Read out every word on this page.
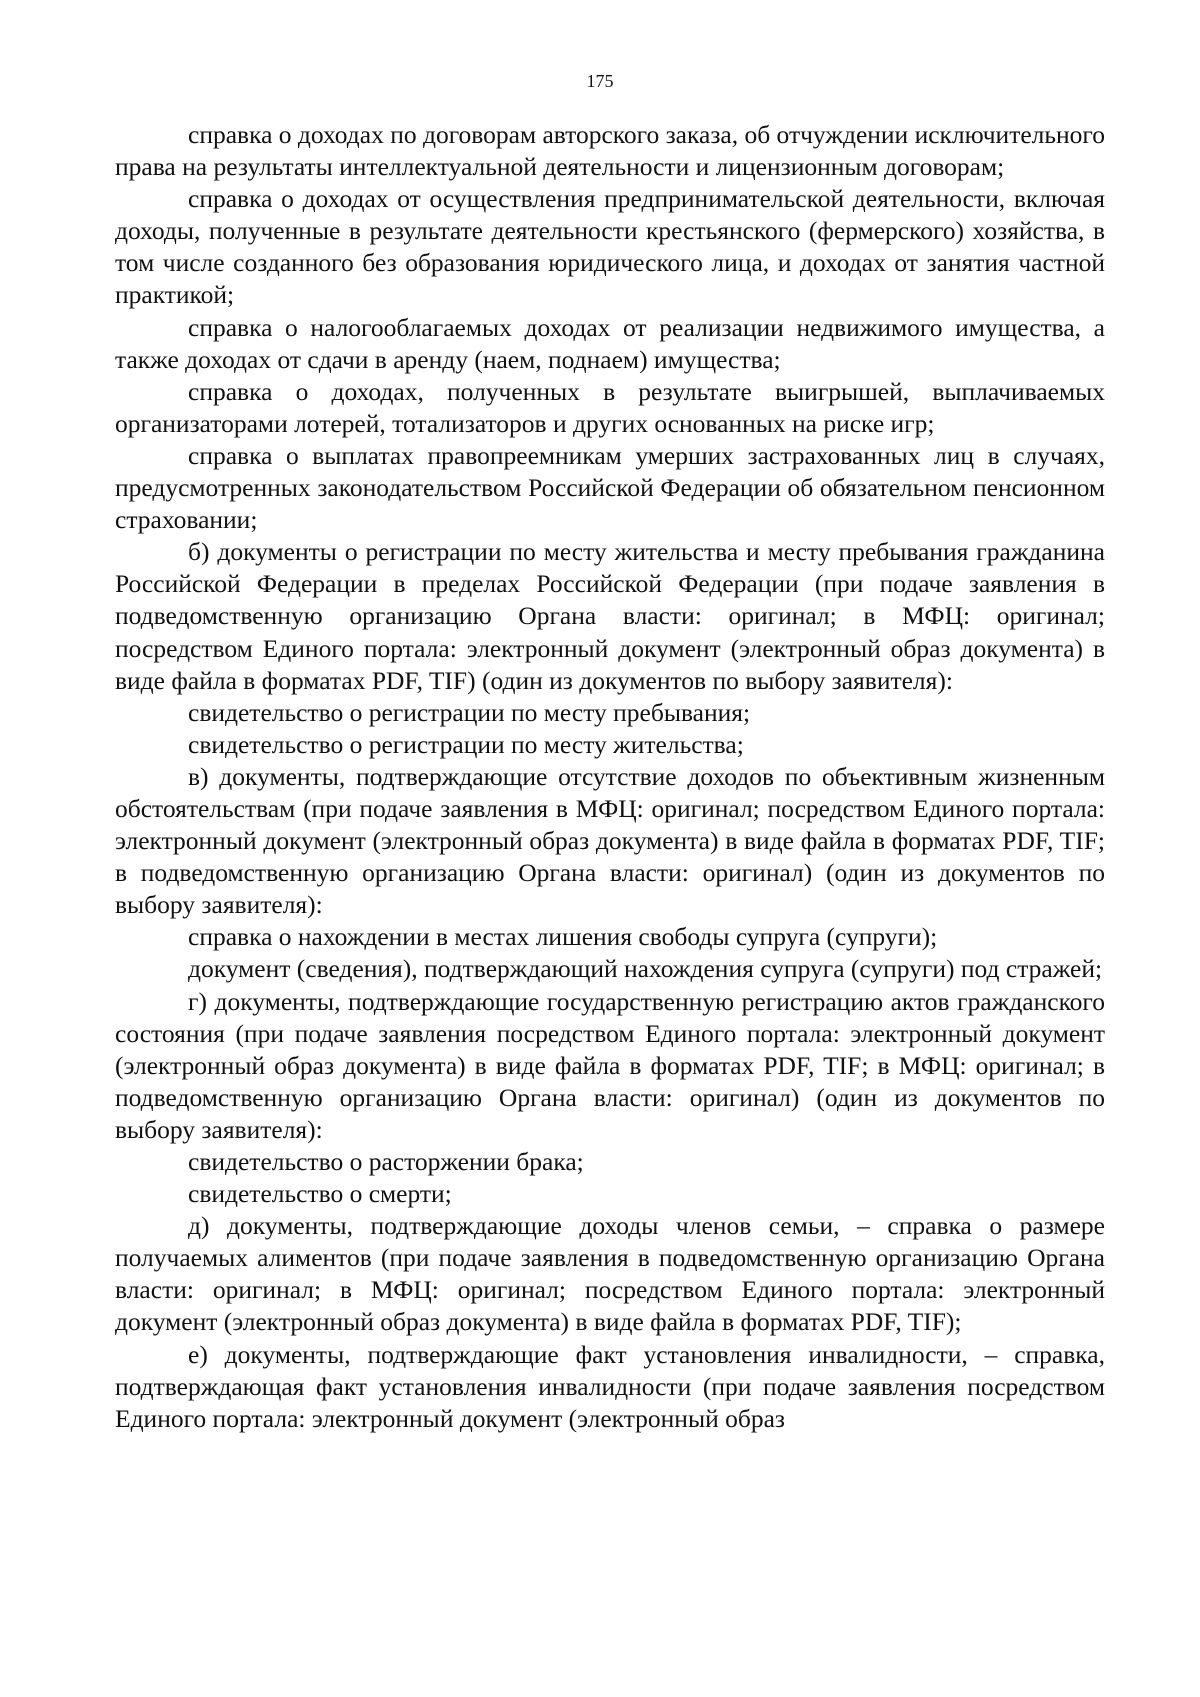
175

справка о доходах по договорам авторского заказа, об отчуждении исключительного права на результаты интеллектуальной деятельности и лицензионным договорам;

справка о доходах от осуществления предпринимательской деятельности, включая доходы, полученные в результате деятельности крестьянского (фермерского) хозяйства, в том числе созданного без образования юридического лица, и доходах от занятия частной практикой;

справка о налогооблагаемых доходах от реализации недвижимого имущества, а также доходах от сдачи в аренду (наем, поднаем) имущества;

справка о доходах, полученных в результате выигрышей, выплачиваемых организаторами лотерей, тотализаторов и других основанных на риске игр;

справка о выплатах правопреемникам умерших застрахованных лиц в случаях, предусмотренных законодательством Российской Федерации об обязательном пенсионном страховании;

б) документы о регистрации по месту жительства и месту пребывания гражданина Российской Федерации в пределах Российской Федерации (при подаче заявления в подведомственную организацию Органа власти: оригинал; в МФЦ: оригинал; посредством Единого портала: электронный документ (электронный образ документа) в виде файла в форматах PDF, TIF) (один из документов по выбору заявителя):

свидетельство о регистрации по месту пребывания;

свидетельство о регистрации по месту жительства;

в) документы, подтверждающие отсутствие доходов по объективным жизненным обстоятельствам (при подаче заявления в МФЦ: оригинал; посредством Единого портала: электронный документ (электронный образ документа) в виде файла в форматах PDF, TIF; в подведомственную организацию Органа власти: оригинал) (один из документов по выбору заявителя):

справка о нахождении в местах лишения свободы супруга (супруги);

документ (сведения), подтверждающий нахождения супруга (супруги) под стражей;

г) документы, подтверждающие государственную регистрацию актов гражданского состояния (при подаче заявления посредством Единого портала: электронный документ (электронный образ документа) в виде файла в форматах PDF, TIF; в МФЦ: оригинал; в подведомственную организацию Органа власти: оригинал) (один из документов по выбору заявителя):

свидетельство о расторжении брака;

свидетельство о смерти;

д) документы, подтверждающие доходы членов семьи, – справка о размере получаемых алиментов (при подаче заявления в подведомственную организацию Органа власти: оригинал; в МФЦ: оригинал; посредством Единого портала: электронный документ (электронный образ документа) в виде файла в форматах PDF, TIF);

е) документы, подтверждающие факт установления инвалидности, – справка, подтверждающая факт установления инвалидности (при подаче заявления посредством Единого портала: электронный документ (электронный образ
